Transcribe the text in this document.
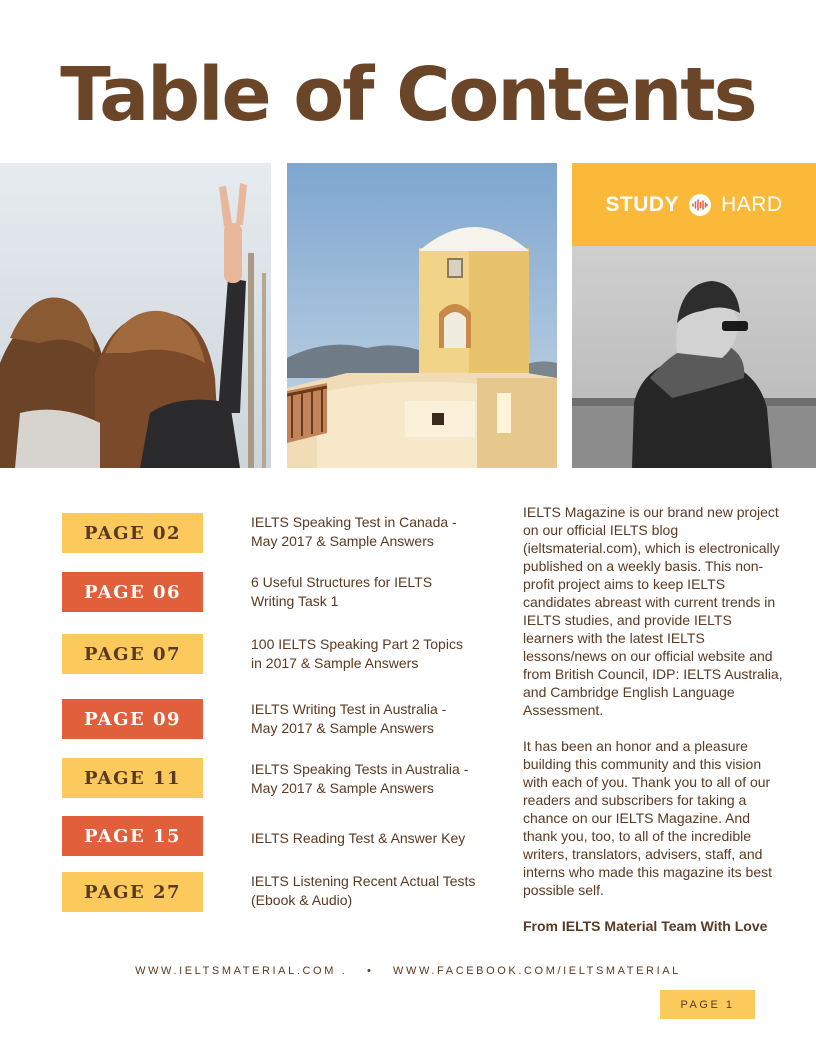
Table of Contents
STUDY HARD
PAGE 02
PAGE 06
PAGE 07
PAGE 09
PAGE 11
PAGE 15
PAGE 27
IELTS Speaking Test in Canada - May 2017 & Sample Answers
6 Useful Structures for IELTS Writing Task 1
100 IELTS Speaking Part 2 Topics in 2017 & Sample Answers
IELTS Writing Test in Australia - May 2017 & Sample Answers
IELTS Speaking Tests in Australia - May 2017 & Sample Answers
IELTS Reading Test & Answer Key
IELTS Listening Recent Actual Tests (Ebook & Audio)

IELTS Magazine is our brand new project on our official IELTS blog (ieltsmaterial.com), which is electronically published on a weekly basis. This non-profit project aims to keep IELTS candidates abreast with current trends in IELTS studies, and provide IELTS learners with the latest IELTS lessons/news on our official website and from British Council, IDP: IELTS Australia, and Cambridge English Language Assessment.

It has been an honor and a pleasure building this community and this vision with each of you. Thank you to all of our readers and subscribers for taking a chance on our IELTS Magazine. And thank you, too, to all of the incredible writers, translators, advisers, staff, and interns who made this magazine its best possible self.

From IELTS Material Team With Love

WWW.IELTSMATERIAL.COM . • WWW.FACEBOOK.COM/IELTSMATERIAL
PAGE 1
